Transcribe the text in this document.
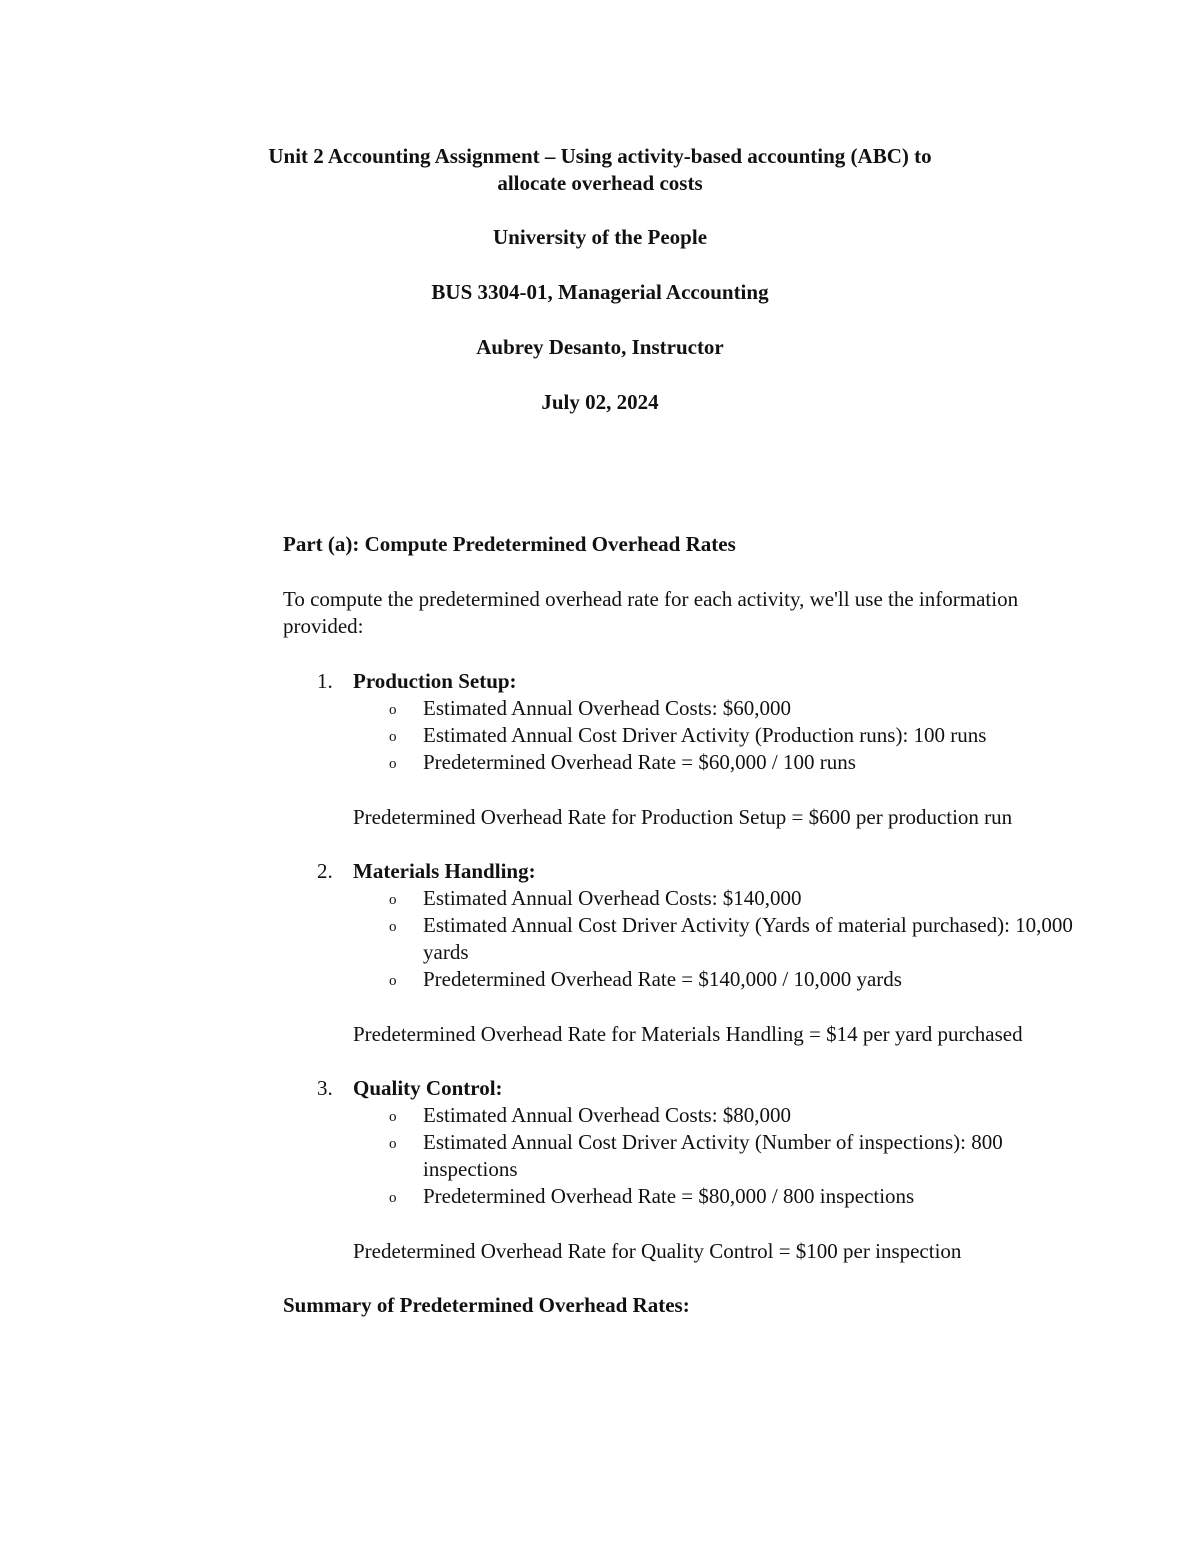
Unit 2 Accounting Assignment – Using activity-based accounting (ABC) to
allocate overhead costs

University of the People

BUS 3304-01, Managerial Accounting

Aubrey Desanto, Instructor

July 02, 2024

Part (a): Compute Predetermined Overhead Rates

To compute the predetermined overhead rate for each activity, we'll use the information provided:

1. Production Setup:
o Estimated Annual Overhead Costs: $60,000
o Estimated Annual Cost Driver Activity (Production runs): 100 runs
o Predetermined Overhead Rate = $60,000 / 100 runs

Predetermined Overhead Rate for Production Setup = $600 per production run

2. Materials Handling:
o Estimated Annual Overhead Costs: $140,000
o Estimated Annual Cost Driver Activity (Yards of material purchased): 10,000 yards
o Predetermined Overhead Rate = $140,000 / 10,000 yards

Predetermined Overhead Rate for Materials Handling = $14 per yard purchased

3. Quality Control:
o Estimated Annual Overhead Costs: $80,000
o Estimated Annual Cost Driver Activity (Number of inspections): 800 inspections
o Predetermined Overhead Rate = $80,000 / 800 inspections

Predetermined Overhead Rate for Quality Control = $100 per inspection

Summary of Predetermined Overhead Rates:
